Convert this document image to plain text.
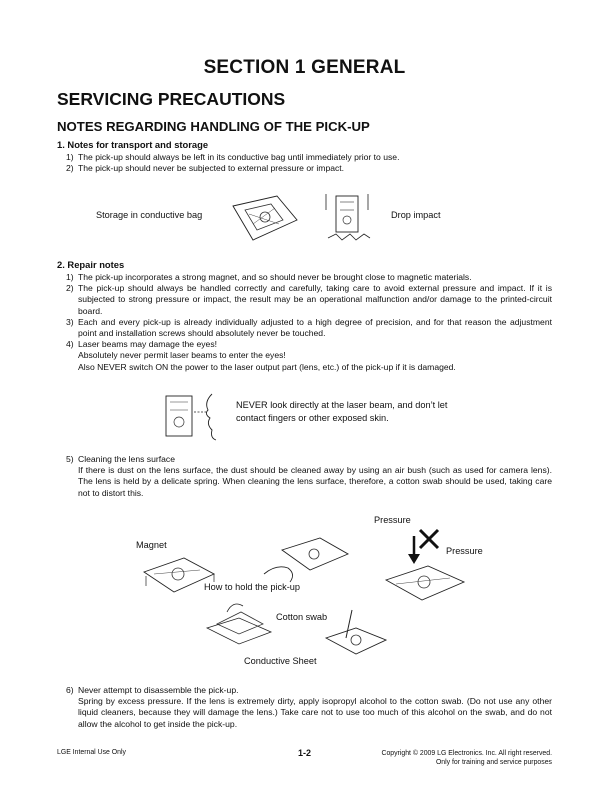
SECTION 1 GENERAL
SERVICING PRECAUTIONS
NOTES REGARDING HANDLING OF THE PICK-UP
1. Notes for transport and storage
1) The pick-up should always be left in its conductive bag until immediately prior to use.
2) The pick-up should never be subjected to external pressure or impact.
Storage in conductive bag	Drop impact
2. Repair notes
1) The pick-up incorporates a strong magnet, and so should never be brought close to magnetic materials.
2) The pick-up should always be handled correctly and carefully, taking care to avoid external pressure and impact. If it is subjected to strong pressure or impact, the result may be an operational malfunction and/or damage to the printed-circuit board.
3) Each and every pick-up is already individually adjusted to a high degree of precision, and for that reason the adjustment point and installation screws should absolutely never be touched.
4) Laser beams may damage the eyes!
Absolutely never permit laser beams to enter the eyes!
Also NEVER switch ON the power to the laser output part (lens, etc.) of the pick-up if it is damaged.
NEVER look directly at the laser beam, and don’t let
contact fingers or other exposed skin.
5) Cleaning the lens surface
If there is dust on the lens surface, the dust should be cleaned away by using an air bush (such as used for camera lens). The lens is held by a delicate spring. When cleaning the lens surface, therefore, a cotton swab should be used, taking care not to distort this.
Magnet
How to hold the pick-up
Pressure
Pressure
Cotton swab
Conductive Sheet
6) Never attempt to disassemble the pick-up.
Spring by excess pressure. If the lens is extremely dirty, apply isopropyl alcohol to the cotton swab. (Do not use any other liquid cleaners, because they will damage the lens.) Take care not to use too much of this alcohol on the swab, and do not allow the alcohol to get inside the pick-up.
LGE Internal Use Only	1-2	Copyright © 2009 LG Electronics. Inc. All right reserved.
Only for training and service purposes
